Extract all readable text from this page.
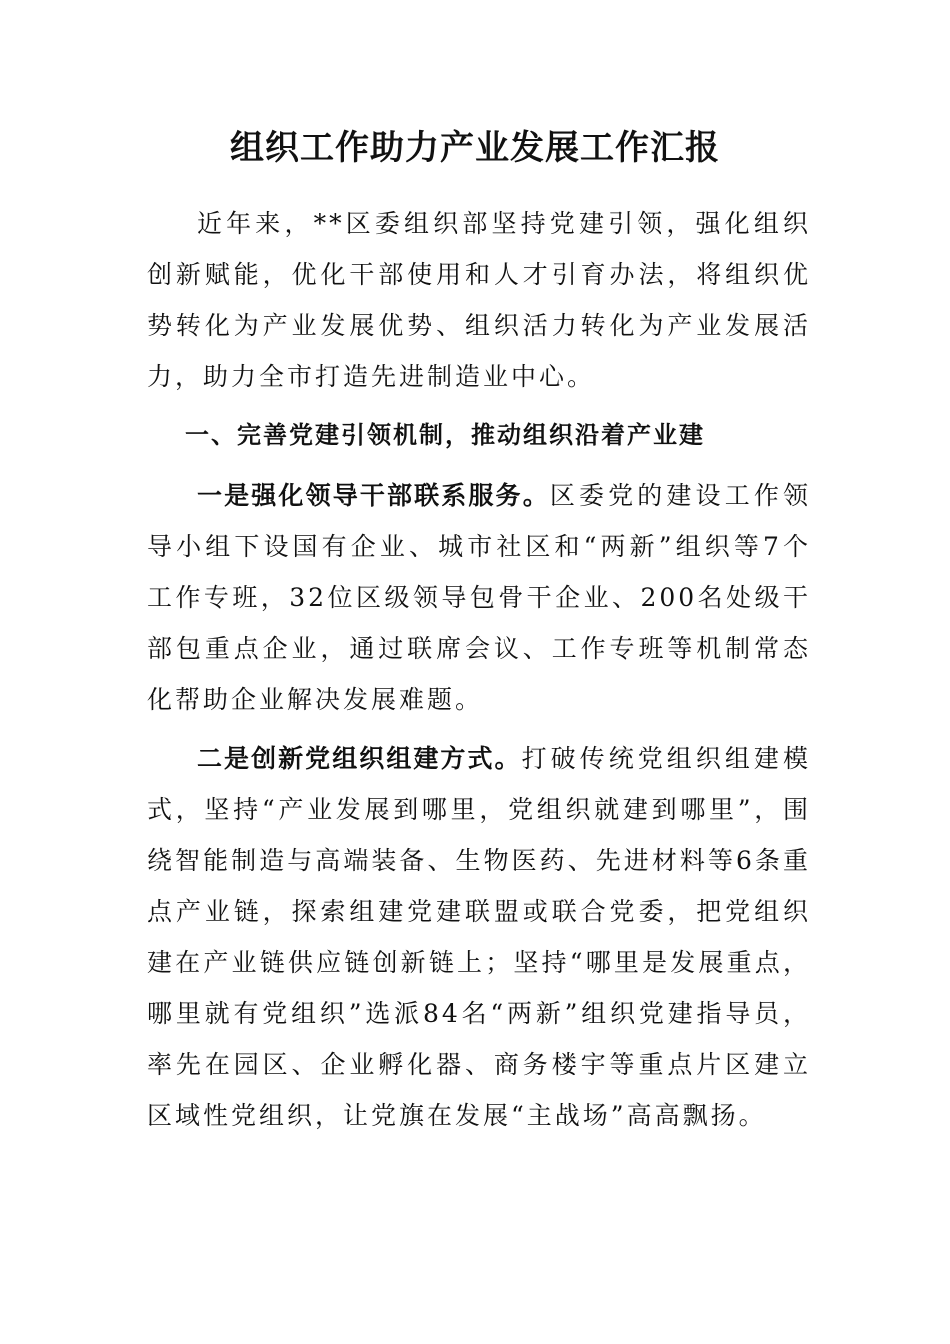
组织工作助力产业发展工作汇报

近年来，**区委组织部坚持党建引领，强化组织创新赋能，优化干部使用和人才引育办法，将组织优势转化为产业发展优势、组织活力转化为产业发展活力，助力全市打造先进制造业中心。

一、完善党建引领机制，推动组织沿着产业建

一是强化领导干部联系服务。区委党的建设工作领导小组下设国有企业、城市社区和“两新”组织等7个工作专班，32位区级领导包骨干企业、200名处级干部包重点企业，通过联席会议、工作专班等机制常态化帮助企业解决发展难题。

二是创新党组织组建方式。打破传统党组织组建模式，坚持“产业发展到哪里，党组织就建到哪里”，围绕智能制造与高端装备、生物医药、先进材料等6条重点产业链，探索组建党建联盟或联合党委，把党组织建在产业链供应链创新链上；坚持“哪里是发展重点，哪里就有党组织”选派84名“两新”组织党建指导员，率先在园区、企业孵化器、商务楼宇等重点片区建立区域性党组织，让党旗在发展“主战场”高高飘扬。
